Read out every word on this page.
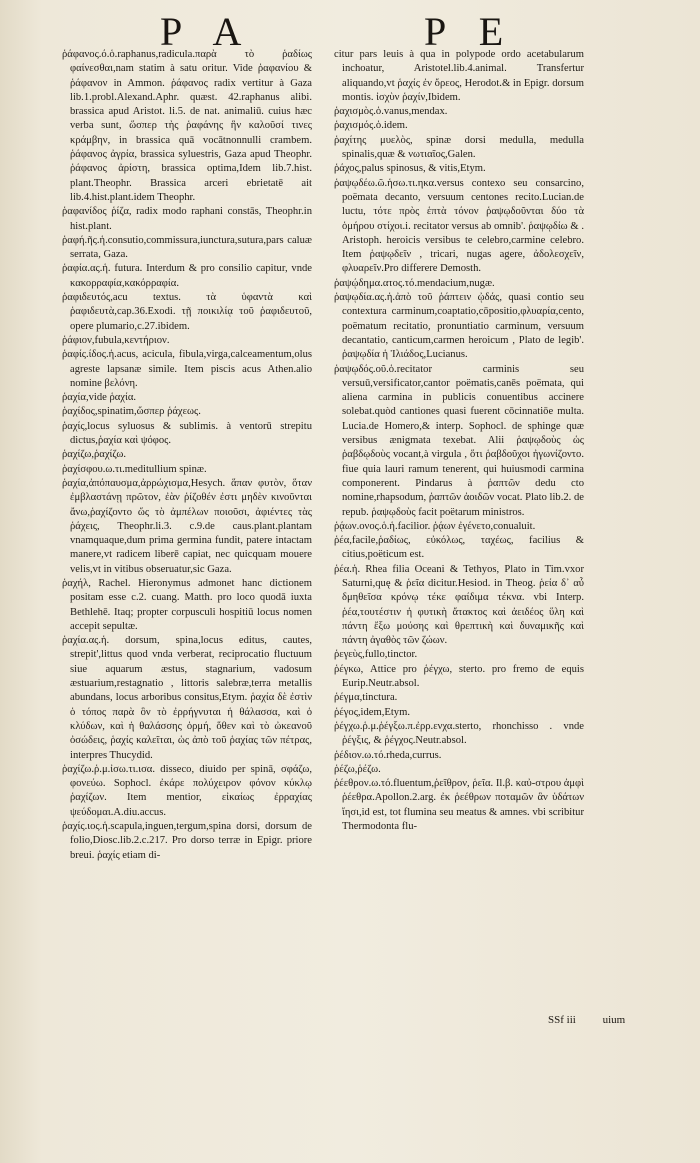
P A	P E
ῥάφανος.ό.ὁ.raphanus,radicula.παρὰ τὸ ῥαδίως φαίνεσθαι,nam statim à satu oritur. Vide ῥαφανίου & ῥάφανον in Ammon. ῥάφανος radix vertitur à Gaza lib.1.probl.Alexand.Aphr. quæst. 42.raphanus alibi. brassica apud Aristot. li.5. de nat. animaliū. cuius hæc verba sunt, ὥσπερ τὴς ῥαφάνης ἣν καλοῦσί τινες κράμβην, in brassica quā vocātnonnulli crambem. ῥάφανος ἀγρία, brassica syluestris, Gaza apud Theophr. ῥάφανος ἀρίστη, brassica optima,Idem lib.7.hist. plant.Theophr. Brassica arceri ebrietatē ait lib.4.hist.plant.idem Theophr.
ῥαφανίδος ῥίζα, radix modo raphani constās, Theophr.in hist.plant.
ῥαφή.ῆς.ἡ.consutio,commissura,iunctura,sutura,pars caluæ serrata, Gaza.
ῥαφία.ας.ἡ. futura. Interdum & pro consilio capitur, vnde κακορραφία,κακόρραφία.
ῥαφιδευτός,acu textus. τὰ ὑφαντὰ καὶ ῥαφιδευτὰ,cap.36.Exodi. τῇ ποικιλίᾳ τοῦ ῥαφιδευτοῦ, opere plumario,c.27.ibidem.
ῥάφιον,fubula,κεντήριον.
ῥαφίς.ίδος.ἡ.acus, acicula, fibula,virga,calceamentum,olus agreste lapsanæ simile. Item piscis acus Athen.alio nomine βελόνη.
ῥαχία,vide ῥαχία.
ῥαχίδος,spinatim,ὥσπερ ῥάχεως.
ῥαχίς,locus syluosus & sublimis. à ventorū strepitu dictus,ῥαχία καὶ ψόφος.
ῥαχίζω,ῥαχίζω.
ῥαχίσφου.ω.τι.meditullium spinæ.
ῥαχία,ἀπόπαυσμα,ἀρρώχισμα,Hesych. ἅπαν φυτὸν, ὅταν ἐμβλαστάνῃ πρῶτον, ἐὰν ῥίζοθέν ἐστι μηδὲν κινοῦνται ἄνω,ῥαχίζοντο ὥς τὸ ἀμπέλων ποιοῦσι, ἀφιέντες τὰς ῥάχεις, Theophr.li.3. c.9.de caus.plant.plantam vnamquaque,dum prima germina fundit, patere intactam manere,vt radicem liberē capiat, nec quicquam mouere velis,vt in vitibus obseruatur,sic Gaza.
ῥαχήλ, Rachel. Hieronymus admonet hanc dictionem positam esse c.2. cuang. Matth. pro loco quodā iuxta Bethlehē. Itaq; propter corpusculi hospitiū locus nomen accepit sepultæ.
ῥαχία.ας.ἡ. dorsum, spina,locus editus, cautes, strepit',littus quod vnda verberat, reciprocatio fluctuum siue aquarum æstus, stagnarium, vadosum æstuarium,restagnatio , littoris salebræ,terra metallis abundans, locus arboribus consitus,Etym. ῥαχία δὲ ἐστὶν ὁ τόπος παρὰ ὃν τὸ ἐρρήγνυται ἡ θάλασσα, καὶ ὁ κλύδων, καὶ ἡ θαλάσσης ὁρμή, ὅθεν καὶ τὸ ὠκεανοῦ ὀσώδεις, ῥαχίς καλεῖται, ὡς ἀπὸ τοῦ ῥαχίας τῶν πέτρας, interpres Thucydid.
ῥαχίζω.ῥ.μ.ἰσω.τι.ισα. disseco, diuido per spinā, σφάζω, φονεύω. Sophocl. ἐκάρε πολύχειρον φόνον κύκλῳ ῥαχίζων. Item mentior, εἰκαίως ἐρραχίας ψεύδομαι.A.diu.accus.
ῥαχίς.ιος.ἡ.scapula,inguen,tergum,spina dorsi, dorsum de folio,Diosc.lib.2.c.217. Pro dorso terræ in Epigr. priore breui. ῥαχίς etiam di-
citur pars leuis à qua in polypode ordo acetabularum inchoatur, Aristotel.lib.4.animal. Transfertur aliquando,vt ῥαχίς ἐν ὄρεος, Herodot.& in Epigr. dorsum montis. ἰσχὺν ῥαχίν,Ibidem.
ῥαχισμὸς.ὁ.vanus,mendax.
ῥαχισμός.ὁ.idem.
ῥαχίτης μυελὸς, spinæ dorsi medulla, medulla spinalis,quæ & νωτιαῖος,Galen.
ῥάχος,palus spinosus, & vitis,Etym.
ῥαψῳδέω.ῶ.ἡσω.τι.ηκα.versus contexo seu consarcino, poëmata decanto, versuum centones recito.Lucian.de luctu, τότε πρὸς ἑπτὰ τόνον ῥαψῳδοῦνται δύο τὰ ὁμήρου στίχοι.i. recitator versus ab omnib'. ῥαψῳδίω & . Aristoph. heroicis versibus te celebro,carmine celebro. Item ῥαψῳδεῖν , tricari, nugas agere, ἀδολεσχεῖν, φλυαρεῖν.Pro differere Demosth.
ῥαψῴδημα.ατος.τό.mendacium,nugæ.
ῥαψῳδία.ας.ἡ.ἀπὸ τοῦ ῥάπτειν ᾠδάς, quasi contio seu contextura carminum,coaptatio,cōpositio,φλυαρία,cento, poëmatum recitatio, pronuntiatio carminum, versuum decantatio, canticum,carmen heroicum , Plato de legib'. ῥαψῳδία ἡ Ἰλιάδος,Lucianus.
ῥαψῳδός.οῦ.ὁ.recitator carminis seu versuū,versificator,cantor poëmatis,canēs poëmata, qui aliena carmina in publicis conuentibus accinere solebat.quòd cantiones quasi fuerent cōcinnatiōe multa. Lucia.de Homero,& interp. Sophocl. de sphinge quæ versibus ænigmata texebat. Alii ῥαψῳδοὺς ὡς ῥαβδῳδοὺς vocant,à virgula , ὅτι ῥαβδοῦχοι ἠγωνίζοντο. fiue quia lauri ramum tenerent, qui huiusmodi carmina componerent. Pindarus à ῥαπτῶν dedu cto nomine,rhapsodum, ῥαπτῶν ἀοιδῶν vocat. Plato lib.2. de repub. ῥαψῳδοὺς facit poëtarum ministros.
ῥᾴων.ονος.ὁ.ἡ.facilior. ῥᾴων ἐγένετο,conualuit.
ῥέα,facile,ῥαδίως, εὐκόλως, ταχέως, facilius & citius,poëticum est.
ῥέα.ἡ. Rhea filia Oceani & Tethyos, Plato in Tim.vxor Saturni,quę & ῥεῖα dicitur.Hesiod. in Theog. ῥεία δ᾽ αὖ δμηθεῖσα κρόνῳ τέκε φαίδιμα τέκνα. vbi Interp. ῥέα,τουτέστιν ἡ φυτικὴ ἄτακτος καὶ ἀειδέος ὕλη καὶ πάντη ἔξω μούσης καὶ θρεπτικὴ καὶ δυναμικῆς καὶ πάντη ἀγαθὸς τῶν ζώων.
ῥεγεὺς,fullo,tinctor.
ῥέγκω, Attice pro ῥέγχω, sterto. pro fremo de equis Eurip.Neutr.absol.
ῥέγμα,tinctura.
ῥέγος,idem,Etym.
ῥέγχω.ῥ.μ.ῥέγξω.π.ἐρρ.ενχα.sterto, rhonchisso . vnde ῥέγξις, & ῥέγχος.Neutr.absol.
ῥέδιον.ω.τό.rheda,currus.
ῥέζω,ῥέζω.
ῥέεθρον.ω.τό.fluentum,ῥεῖθρον, ῥεῖα. Il.β. καὐ-στρου ἀμφὶ ῥέεθρα.Apollon.2.arg. ἐκ ῥεέθρων ποταμῶν ἃν ὑδάτων ἴησι,id est, tot flumina seu meatus & amnes. vbi scribitur Thermodonta flu-
SSf iii uium
